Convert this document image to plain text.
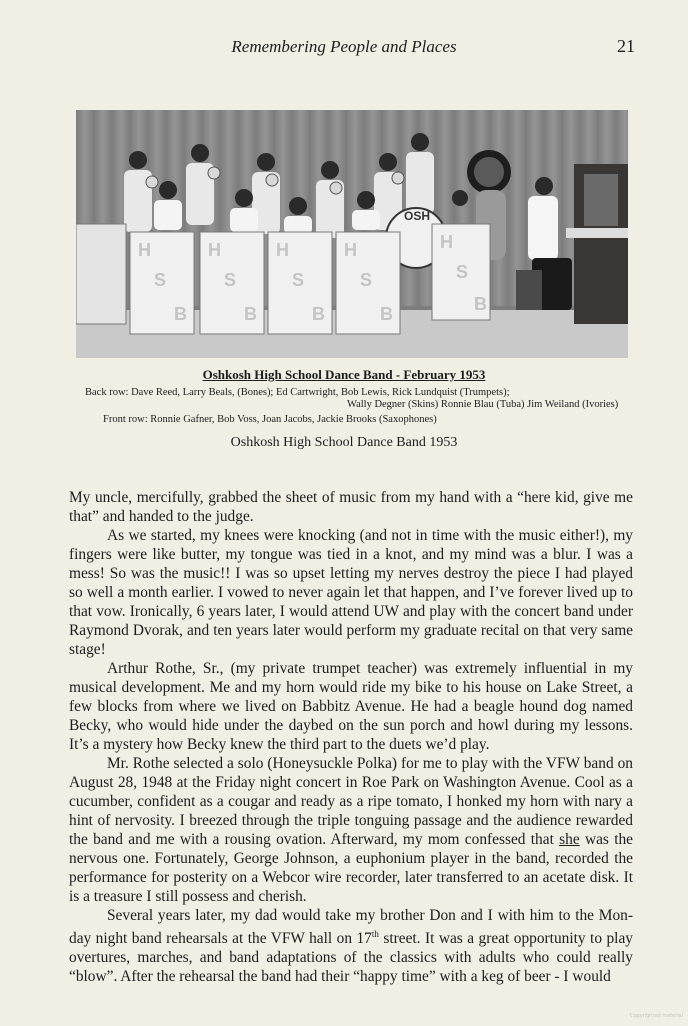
Remembering People and Places	21
OSH
H
S
B
H
S
B
H
S
B
H
S
B
H
S
B
Oshkosh High School Dance Band - February 1953
Back row: Dave Reed, Larry Beals, (Bones); Ed Cartwright, Bob Lewis, Rick Lundquist (Trumpets);
Wally Degner (Skins) Ronnie Blau (Tuba) Jim Weiland (Ivories)
Front row: Ronnie Gafner, Bob Voss, Joan Jacobs, Jackie Brooks (Saxophones)
Oshkosh High School Dance Band 1953

My uncle, mercifully, grabbed the sheet of music from my hand with a “here kid, give me that” and handed to the judge.

As we started, my knees were knocking (and not in time with the music either!), my fingers were like butter, my tongue was tied in a knot, and my mind was a blur. I was a mess! So was the music!! I was so upset letting my nerves destroy the piece I had played so well a month earlier. I vowed to never again let that happen, and I’ve forever lived up to that vow. Ironically, 6 years later, I would attend UW and play with the concert band under Raymond Dvorak, and ten years later would perform my graduate recital on that very same stage!

Arthur Rothe, Sr., (my private trumpet teacher) was extremely influential in my musical development. Me and my horn would ride my bike to his house on Lake Street, a few blocks from where we lived on Babbitz Avenue. He had a beagle hound dog named Becky, who would hide under the daybed on the sun porch and howl during my lessons. It’s a mystery how Becky knew the third part to the duets we’d play.

Mr. Rothe selected a solo (Honeysuckle Polka) for me to play with the VFW band on August 28, 1948 at the Friday night concert in Roe Park on Washington Avenue. Cool as a cucumber, confident as a cougar and ready as a ripe tomato, I honked my horn with nary a hint of nervosity. I breezed through the triple tonguing passage and the audience rewarded the band and me with a rousing ovation. Afterward, my mom confessed that she was the nervous one. Fortunately, George Johnson, a euphonium player in the band, recorded the performance for posterity on a Webcor wire recorder, later transferred to an acetate disk. It is a treasure I still possess and cherish.

Several years later, my dad would take my brother Don and I with him to the Mon-day night band rehearsals at the VFW hall on 17th street. It was a great opportunity to play overtures, marches, and band adaptations of the classics with adults who could really “blow”. After the rehearsal the band had their “happy time” with a keg of beer - I would

Copyrighted material
